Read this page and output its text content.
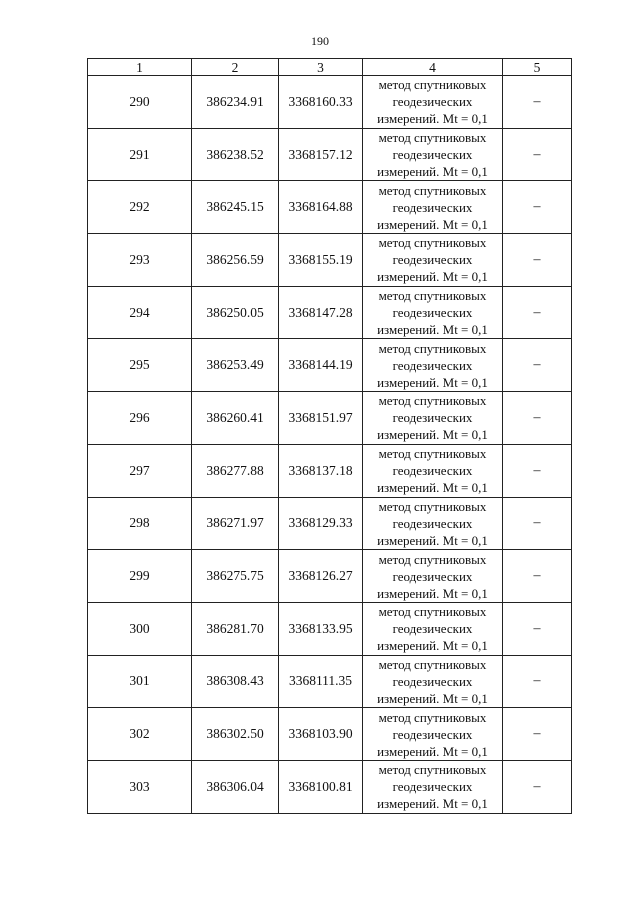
190
1	2	3	4	5
290	386234.91	3368160.33	метод спутниковых
геодезических
измерений. Mt = 0,1	–
291	386238.52	3368157.12	метод спутниковых
геодезических
измерений. Mt = 0,1	–
292	386245.15	3368164.88	метод спутниковых
геодезических
измерений. Mt = 0,1	–
293	386256.59	3368155.19	метод спутниковых
геодезических
измерений. Mt = 0,1	–
294	386250.05	3368147.28	метод спутниковых
геодезических
измерений. Mt = 0,1	–
295	386253.49	3368144.19	метод спутниковых
геодезических
измерений. Mt = 0,1	–
296	386260.41	3368151.97	метод спутниковых
геодезических
измерений. Mt = 0,1	–
297	386277.88	3368137.18	метод спутниковых
геодезических
измерений. Mt = 0,1	–
298	386271.97	3368129.33	метод спутниковых
геодезических
измерений. Mt = 0,1	–
299	386275.75	3368126.27	метод спутниковых
геодезических
измерений. Mt = 0,1	–
300	386281.70	3368133.95	метод спутниковых
геодезических
измерений. Mt = 0,1	–
301	386308.43	3368111.35	метод спутниковых
геодезических
измерений. Mt = 0,1	–
302	386302.50	3368103.90	метод спутниковых
геодезических
измерений. Mt = 0,1	–
303	386306.04	3368100.81	метод спутниковых
геодезических
измерений. Mt = 0,1	–
